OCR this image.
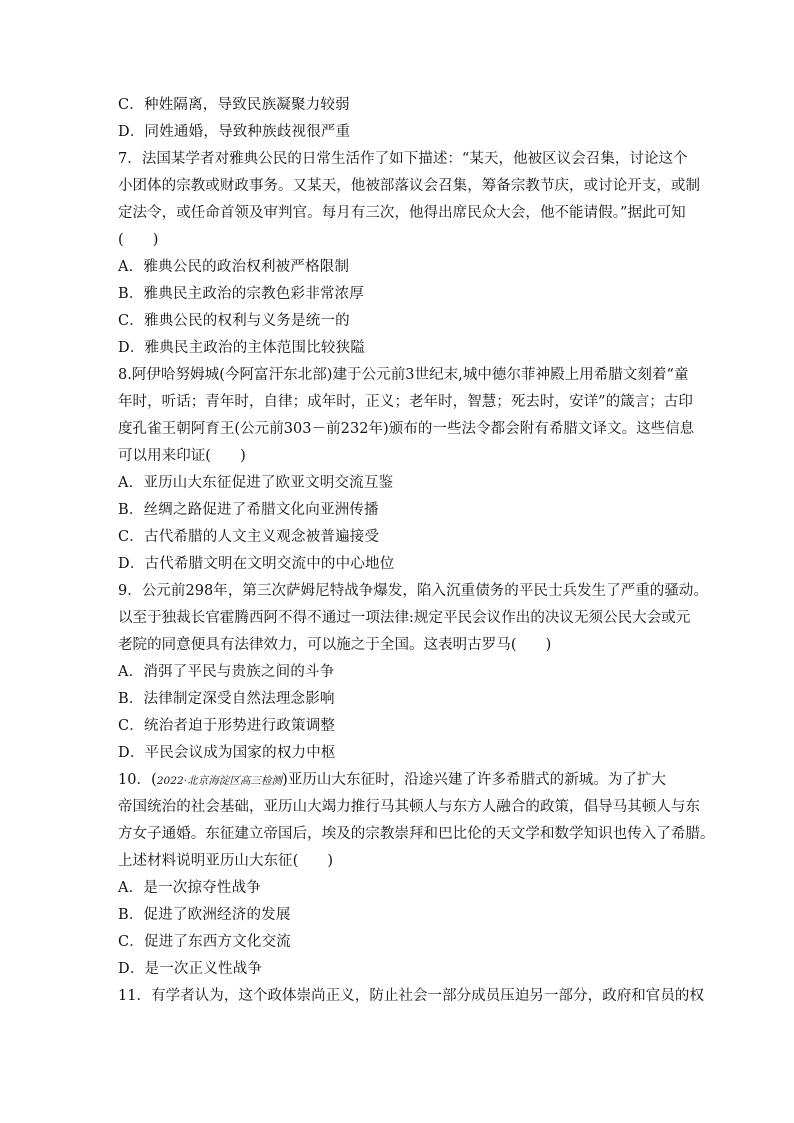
C．种姓隔离，导致民族凝聚力较弱
D．同姓通婚，导致种族歧视很严重
7．法国某学者对雅典公民的日常生活作了如下描述：“某天，他被区议会召集，讨论这个
小团体的宗教或财政事务。又某天，他被部落议会召集，筹备宗教节庆，或讨论开支，或制
定法令，或任命首领及审判官。每月有三次，他得出席民众大会，他不能请假。”据此可知
(　　)
A．雅典公民的政治权利被严格限制
B．雅典民主政治的宗教色彩非常浓厚
C．雅典公民的权利与义务是统一的
D．雅典民主政治的主体范围比较狭隘
8.阿伊哈努姆城(今阿富汗东北部)建于公元前3世纪末,城中德尔菲神殿上用希腊文刻着“童
年时，听话；青年时，自律；成年时，正义；老年时，智慧；死去时，安详”的箴言；古印
度孔雀王朝阿育王(公元前303－前232年)颁布的一些法令都会附有希腊文译文。这些信息
可以用来印证(　　)
A．亚历山大东征促进了欧亚文明交流互鉴
B．丝绸之路促进了希腊文化向亚洲传播
C．古代希腊的人文主义观念被普遍接受
D．古代希腊文明在文明交流中的中心地位
9．公元前298年，第三次萨姆尼特战争爆发，陷入沉重债务的平民士兵发生了严重的骚动。
以至于独裁长官霍腾西阿不得不通过一项法律:规定平民会议作出的决议无须公民大会或元
老院的同意便具有法律效力，可以施之于全国。这表明古罗马(　　)
A．消弭了平民与贵族之间的斗争
B．法律制定深受自然法理念影响
C．统治者迫于形势进行政策调整
D．平民会议成为国家的权力中枢
10．(2022·北京海淀区高三检测)亚历山大东征时，沿途兴建了许多希腊式的新城。为了扩大
帝国统治的社会基础，亚历山大竭力推行马其顿人与东方人融合的政策，倡导马其顿人与东
方女子通婚。东征建立帝国后，埃及的宗教崇拜和巴比伦的天文学和数学知识也传入了希腊。
上述材料说明亚历山大东征(　　)
A．是一次掠夺性战争
B．促进了欧洲经济的发展
C．促进了东西方文化交流
D．是一次正义性战争
11．有学者认为，这个政体崇尚正义，防止社会一部分成员压迫另一部分，政府和官员的权
